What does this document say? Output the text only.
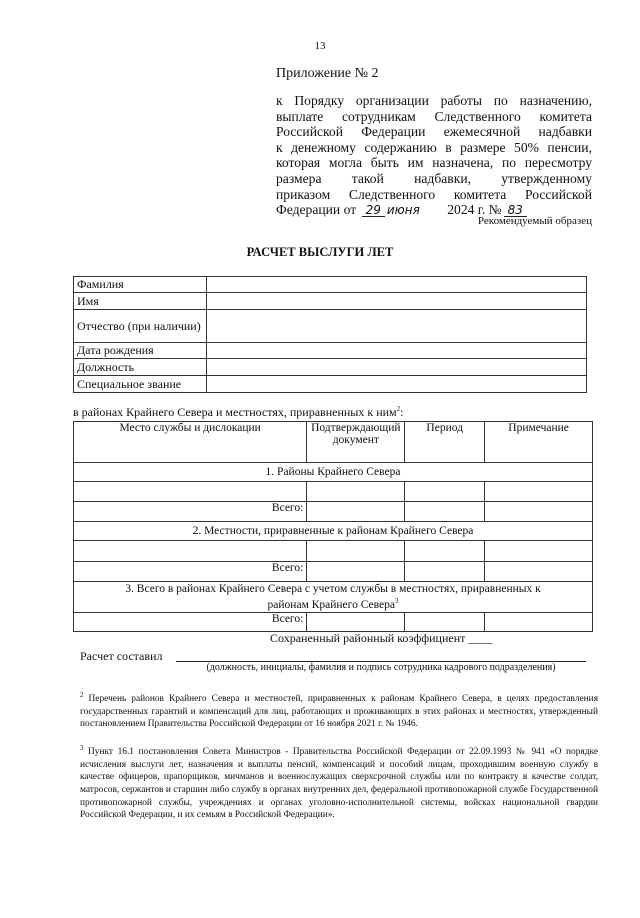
13
Приложение № 2
к Порядку организации работы по назначению,
выплате сотрудникам Следственного комитета
Российской Федерации ежемесячной надбавки
к денежному содержанию в размере 50% пенсии,
которая могла быть им назначена, по пересмотру
размера такой надбавки, утвержденному
приказом Следственного комитета Российской
Федерации от 29 июня 2024 г. № 83
Рекомендуемый образец
РАСЧЕТ ВЫСЛУГИ ЛЕТ
Фамилия	
Имя	
Отчество (при наличии)	
Дата рождения	
Должность	
Специальное звание	
в районах Крайнего Севера и местностях, приравненных к ним$^2$:
Место службы и дислокации	Подтверждающий документ	Период	Примечание
1. Районы Крайнего Севера			

Всего:			
2. Местности, приравненные к районам Крайнего Севера			

Всего:			
3. Всего в районах Крайнего Севера с учетом службы в местностях, приравненных к районам Крайнего Севера$^3$
Всего:			
Сохраненный районный коэффициент ____
Расчет составил
(должность, инициалы, фамилия и подпись сотрудника кадрового подразделения)
$^2$ Перечень районов Крайнего Севера и местностей, приравненных к районам Крайнего Севера, в целях предоставления государственных гарантий и компенсаций для лиц, работающих и проживающих в этих районах и местностях, утвержденный постановлением Правительства Российской Федерации от 16 ноября 2021 г. № 1946.
$^3$ Пункт 16.1 постановления Совета Министров - Правительства Российской Федерации от 22.09.1993 № 941 «О порядке исчисления выслуги лет, назначения и выплаты пенсий, компенсаций и пособий лицам, проходившим военную службу в качестве офицеров, прапорщиков, мичманов и военнослужащих сверхсрочной службы или по контракту в качестве солдат, матросов, сержантов и старшин либо службу в органах внутренних дел, федеральной противопожарной службе Государственной противопожарной службы, учреждениях и органах уголовно-исполнительной системы, войсках национальной гвардии Российской Федерации, и их семьям в Российской Федерации».
